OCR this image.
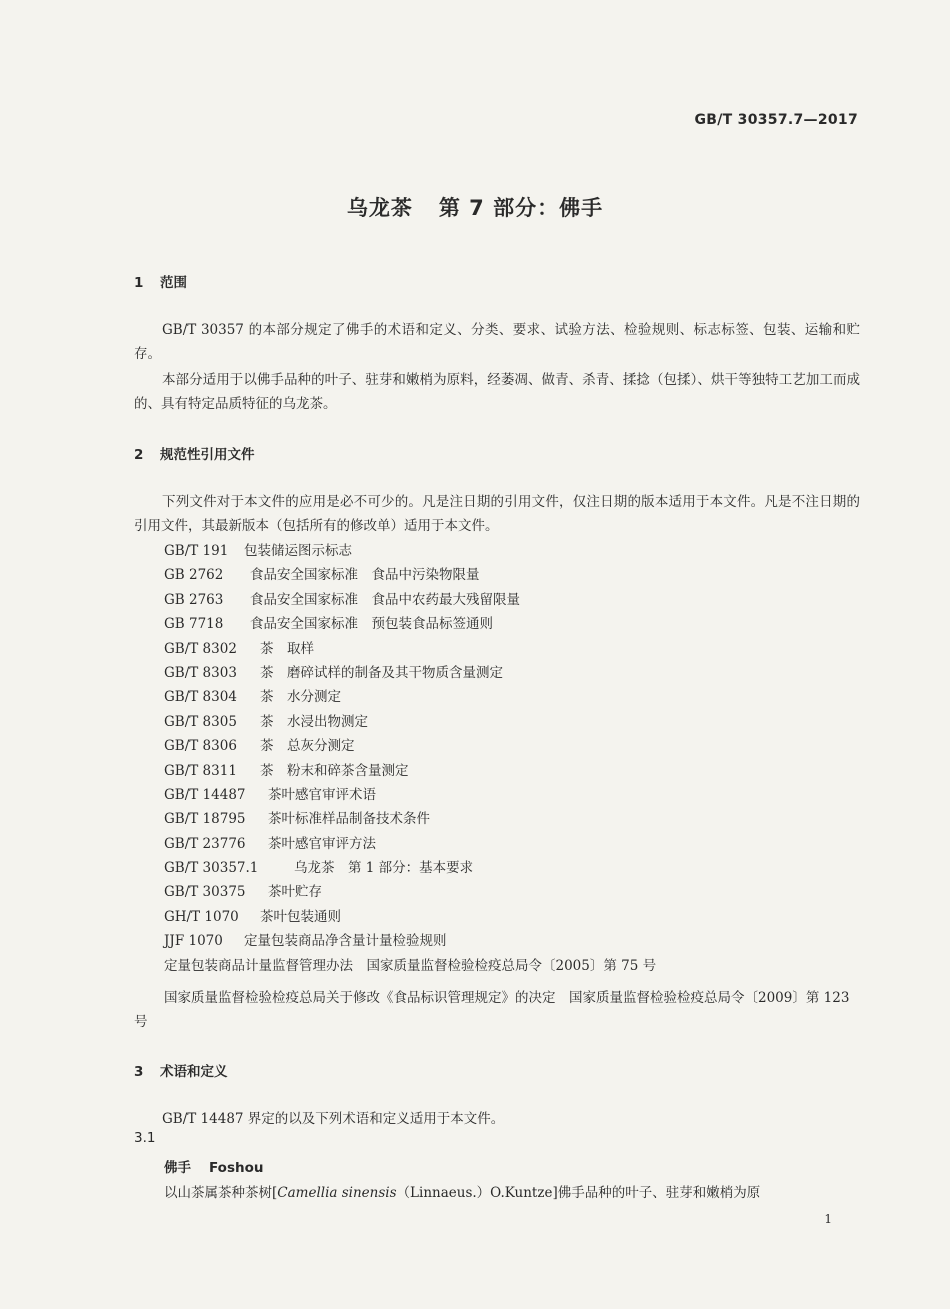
GB/T 30357.7—2017
乌龙茶 第 7 部分：佛手
1 范围
GB/T 30357 的本部分规定了佛手的术语和定义、分类、要求、试验方法、检验规则、标志标签、包装、运输和贮存。
本部分适用于以佛手品种的叶子、驻芽和嫩梢为原料，经萎凋、做青、杀青、揉捻（包揉）、烘干等独特工艺加工而成的、具有特定品质特征的乌龙茶。
2 规范性引用文件
下列文件对于本文件的应用是必不可少的。凡是注日期的引用文件，仅注日期的版本适用于本文件。凡是不注日期的引用文件，其最新版本（包括所有的修改单）适用于本文件。
GB/T 191 包装储运图示标志
GB 2762 食品安全国家标准　食品中污染物限量
GB 2763 食品安全国家标准　食品中农药最大残留限量
GB 7718 食品安全国家标准　预包装食品标签通则
GB/T 8302 茶　取样
GB/T 8303 茶　磨碎试样的制备及其干物质含量测定
GB/T 8304 茶　水分测定
GB/T 8305 茶　水浸出物测定
GB/T 8306 茶　总灰分测定
GB/T 8311 茶　粉末和碎茶含量测定
GB/T 14487 茶叶感官审评术语
GB/T 18795 茶叶标准样品制备技术条件
GB/T 23776 茶叶感官审评方法
GB/T 30357.1	乌龙茶　第 1 部分：基本要求
GB/T 30375 茶叶贮存
GH/T 1070 茶叶包装通则
JJF 1070 定量包装商品净含量计量检验规则
定量包装商品计量监督管理办法　国家质量监督检验检疫总局令〔2005〕第 75 号
国家质量监督检验检疫总局关于修改《食品标识管理规定》的决定　国家质量监督检验检疫总局令〔2009〕第 123 号
3 术语和定义
GB/T 14487 界定的以及下列术语和定义适用于本文件。
3.1
佛手 Foshou
以山茶属茶种茶树[Camellia sinensis（Linnaeus.）O.Kuntze]佛手品种的叶子、驻芽和嫩梢为原
1
